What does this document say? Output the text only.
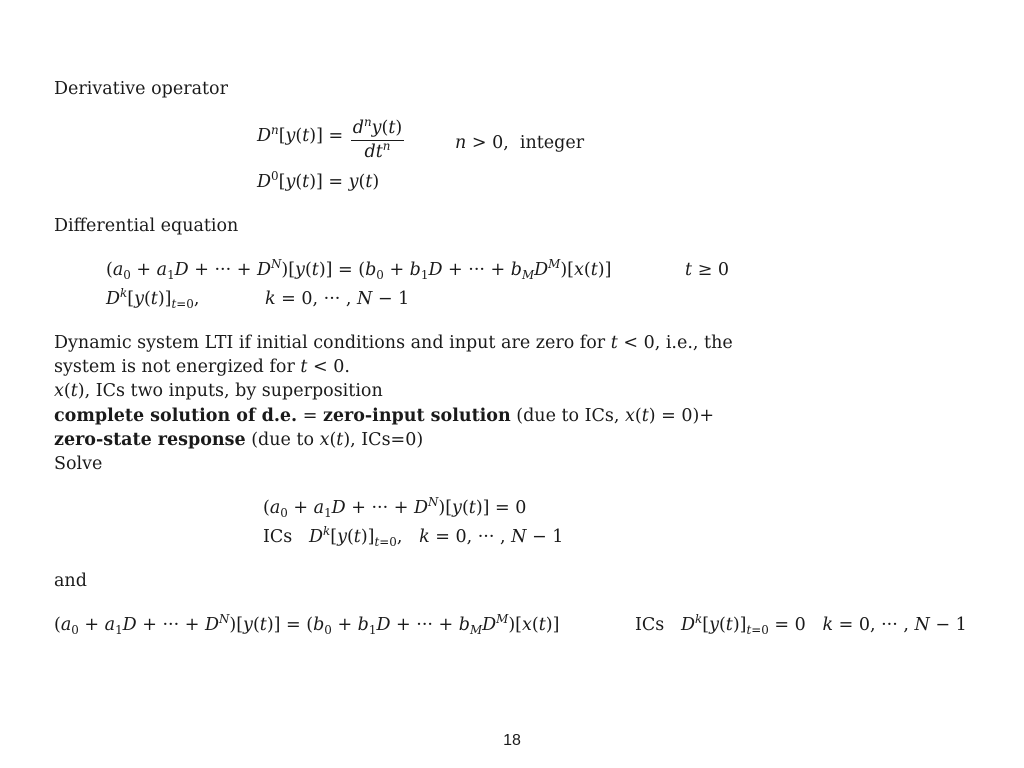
Derivative operator
$D^n[y(t)] = \frac{d^ny(t)}{dt^n}$	n > 0,  integer
$D^0[y(t)] = y(t)$
Differential equation
($a_0 + a_1D$ + ··· + $D^N)[y(t)] = (b_0 + b_1D$ + ··· + $b_MD^M)[x(t)]$	t ≥ 0
$D^k[y(t)]_{t=0}$,	k = 0, ··· , N − 1
Dynamic system LTI if initial conditions and input are zero for t < 0, i.e., the
system is not energized for t < 0.
x(t), ICs two inputs, by superposition
complete solution of d.e. = zero-input solution (due to ICs, x(t) = 0)+
zero-state response (due to x(t), ICs=0)
Solve
($a_0 + a_1D$ + ··· + $D^N)[y(t)] = 0$
ICs $D^k[y(t)]_{t=0}$,   k = 0, ··· , N − 1
and
($a_0 + a_1D$ + ··· + $D^N)[y(t)] = (b_0 + b_1D$ + ··· + $b_MD^M)[x(t)]$	ICs $D^k[y(t)]_{t=0} = 0$   k = 0, ··· , N − 1
18
